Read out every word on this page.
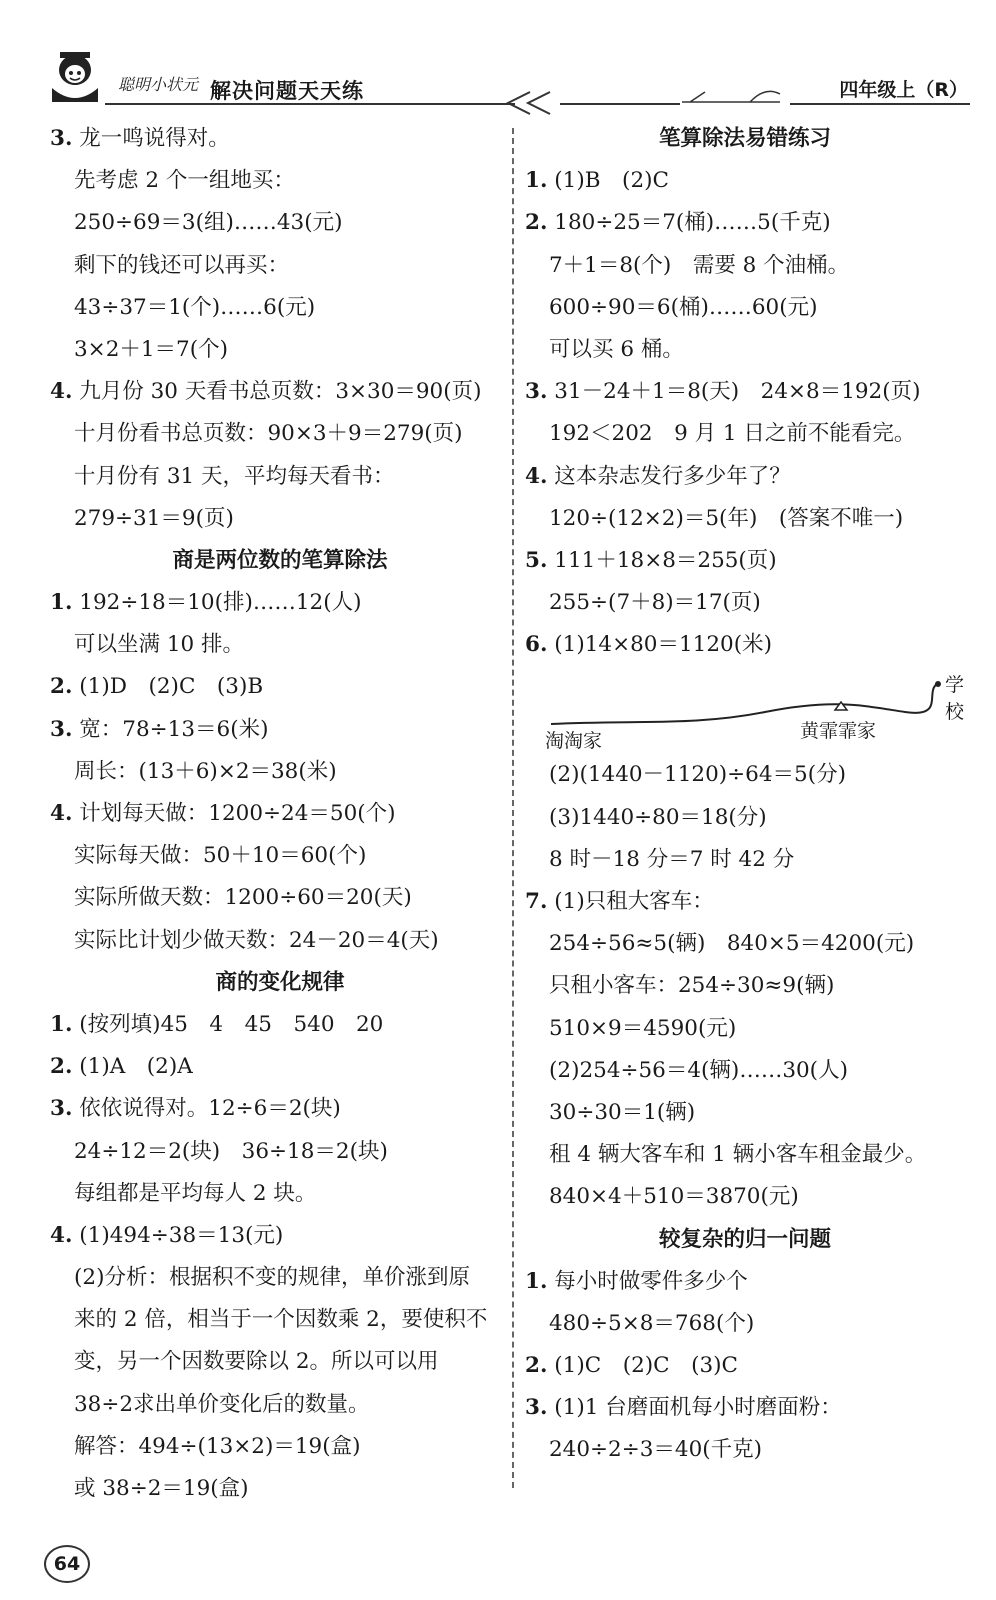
聪明小状元 解决问题天天练	四年级上（R）
3. 龙一鸣说得对。
先考虑 2 个一组地买：
250÷69＝3(组)……43(元)
剩下的钱还可以再买：
43÷37＝1(个)……6(元)
3×2＋1＝7(个)
4. 九月份 30 天看书总页数：3×30＝90(页)
十月份看书总页数：90×3＋9＝279(页)
十月份有 31 天，平均每天看书：
279÷31＝9(页)
商是两位数的笔算除法
1. 192÷18＝10(排)……12(人)
可以坐满 10 排。
2. (1)D　(2)C　(3)B
3. 宽：78÷13＝6(米)
周长：(13＋6)×2＝38(米)
4. 计划每天做：1200÷24＝50(个)
实际每天做：50＋10＝60(个)
实际所做天数：1200÷60＝20(天)
实际比计划少做天数：24－20＝4(天)
商的变化规律
1. (按列填)45　4　45　540　20
2. (1)A　(2)A
3. 依依说得对。12÷6＝2(块)
24÷12＝2(块)　36÷18＝2(块)
每组都是平均每人 2 块。
4. (1)494÷38＝13(元)
(2)分析：根据积不变的规律，单价涨到原
来的 2 倍，相当于一个因数乘 2，要使积不
变，另一个因数要除以 2。所以可以用
38÷2求出单价变化后的数量。
解答：494÷(13×2)＝19(盒)
或 38÷2＝19(盒)
笔算除法易错练习
1. (1)B　(2)C
2. 180÷25＝7(桶)……5(千克)
7＋1＝8(个)　需要 8 个油桶。
600÷90＝6(桶)……60(元)
可以买 6 桶。
3. 31－24＋1＝8(天)　24×8＝192(页)
192＜202　9 月 1 日之前不能看完。
4. 这本杂志发行多少年了？
120÷(12×2)＝5(年)　(答案不唯一)
5. 111＋18×8＝255(页)
255÷(7＋8)＝17(页)
6. (1)14×80＝1120(米)
学校
淘淘家	黄霏霏家
(2)(1440－1120)÷64＝5(分)
(3)1440÷80＝18(分)
8 时－18 分＝7 时 42 分
7. (1)只租大客车：
254÷56≈5(辆)　840×5＝4200(元)
只租小客车：254÷30≈9(辆)
510×9＝4590(元)
(2)254÷56＝4(辆)……30(人)
30÷30＝1(辆)
租 4 辆大客车和 1 辆小客车租金最少。
840×4＋510＝3870(元)
较复杂的归一问题
1. 每小时做零件多少个
480÷5×8＝768(个)
2. (1)C　(2)C　(3)C
3. (1)1 台磨面机每小时磨面粉：
240÷2÷3＝40(千克)
64
